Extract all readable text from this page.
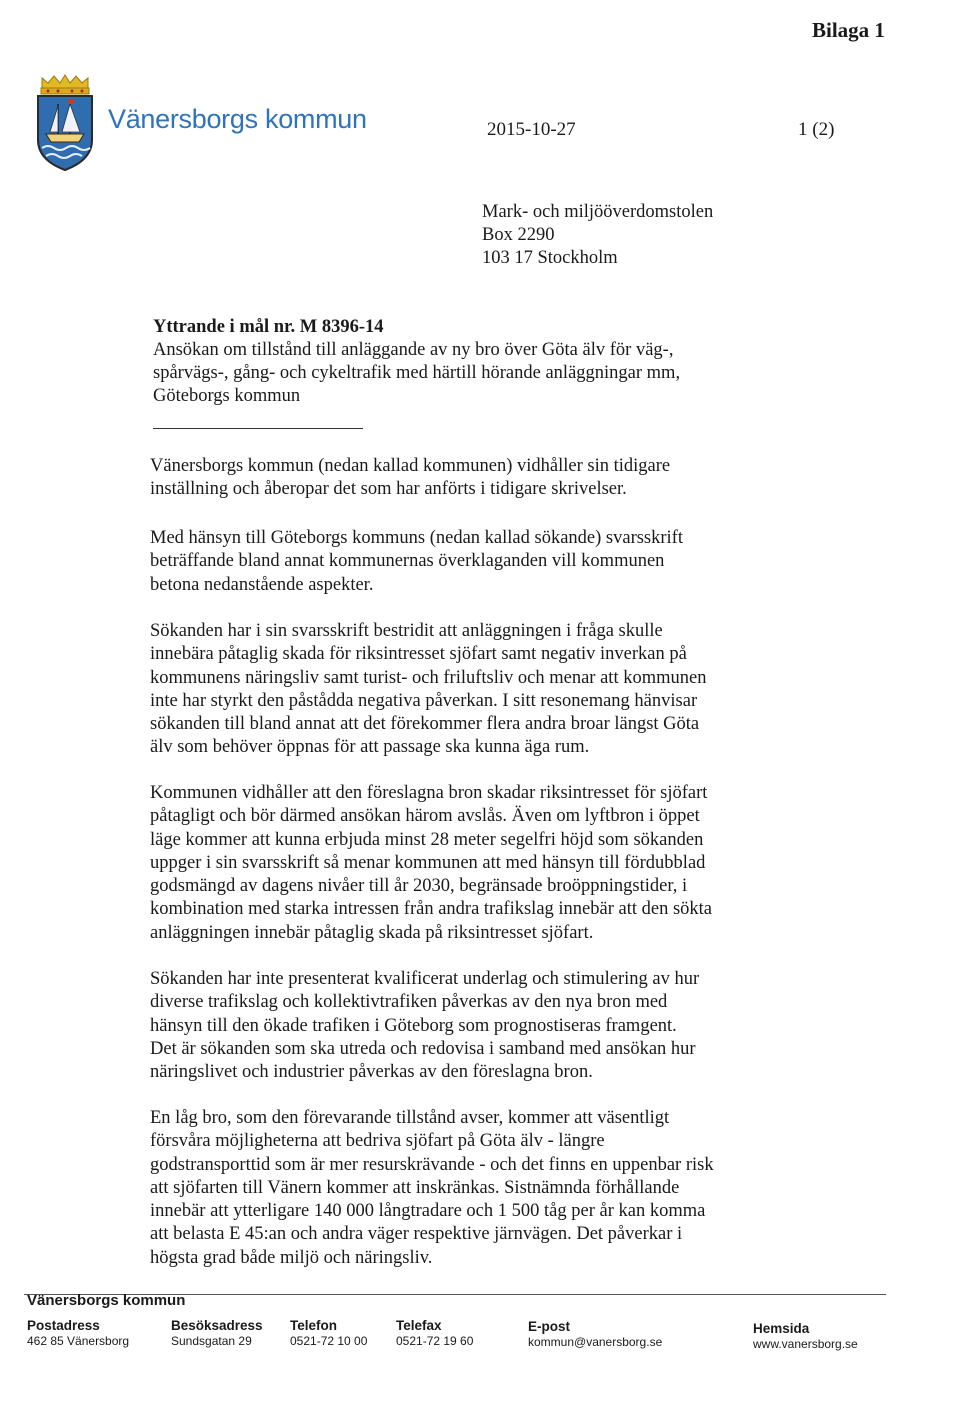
Bilaga 1
Vänersborgs kommun	2015-10-27	1 (2)
Mark- och miljööverdomstolen
Box 2290
103 17 Stockholm
Yttrande i mål nr. M 8396-14
Ansökan om tillstånd till anläggande av ny bro över Göta älv för väg-,
spårvägs-, gång- och cykeltrafik med härtill hörande anläggningar mm,
Göteborgs kommun
Vänersborgs kommun (nedan kallad kommunen) vidhåller sin tidigare
inställning och åberopar det som har anförts i tidigare skrivelser.
Med hänsyn till Göteborgs kommuns (nedan kallad sökande) svarsskrift
beträffande bland annat kommunernas överklaganden vill kommunen
betona nedanstående aspekter.
Sökanden har i sin svarsskrift bestridit att anläggningen i fråga skulle
innebära påtaglig skada för riksintresset sjöfart samt negativ inverkan på
kommunens näringsliv samt turist- och friluftsliv och menar att kommunen
inte har styrkt den påstådda negativa påverkan. I sitt resonemang hänvisar
sökanden till bland annat att det förekommer flera andra broar längst Göta
älv som behöver öppnas för att passage ska kunna äga rum.
Kommunen vidhåller att den föreslagna bron skadar riksintresset för sjöfart
påtagligt och bör därmed ansökan härom avslås. Även om lyftbron i öppet
läge kommer att kunna erbjuda minst 28 meter segelfri höjd som sökanden
uppger i sin svarsskrift så menar kommunen att med hänsyn till fördubblad
godsmängd av dagens nivåer till år 2030, begränsade broöppningstider, i
kombination med starka intressen från andra trafikslag innebär att den sökta
anläggningen innebär påtaglig skada på riksintresset sjöfart.
Sökanden har inte presenterat kvalificerat underlag och stimulering av hur
diverse trafikslag och kollektivtrafiken påverkas av den nya bron med
hänsyn till den ökade trafiken i Göteborg som prognostiseras framgent.
Det är sökanden som ska utreda och redovisa i samband med ansökan hur
näringslivet och industrier påverkas av den föreslagna bron.
En låg bro, som den förevarande tillstånd avser, kommer att väsentligt
försvåra möjligheterna att bedriva sjöfart på Göta älv - längre
godstransporttid som är mer resurskrävande - och det finns en uppenbar risk
att sjöfarten till Vänern kommer att inskränkas. Sistnämnda förhållande
innebär att ytterligare 140 000 långtradare och 1 500 tåg per år kan komma
att belasta E 45:an och andra väger respektive järnvägen. Det påverkar i
högsta grad både miljö och näringsliv.
Vänersborgs kommun
Postadress
462 85 Vänersborg
Besöksadress
Sundsgatan 29
Telefon
0521-72 10 00
Telefax
0521-72 19 60
E-post
kommun@vanersborg.se
Hemsida
www.vanersborg.se
